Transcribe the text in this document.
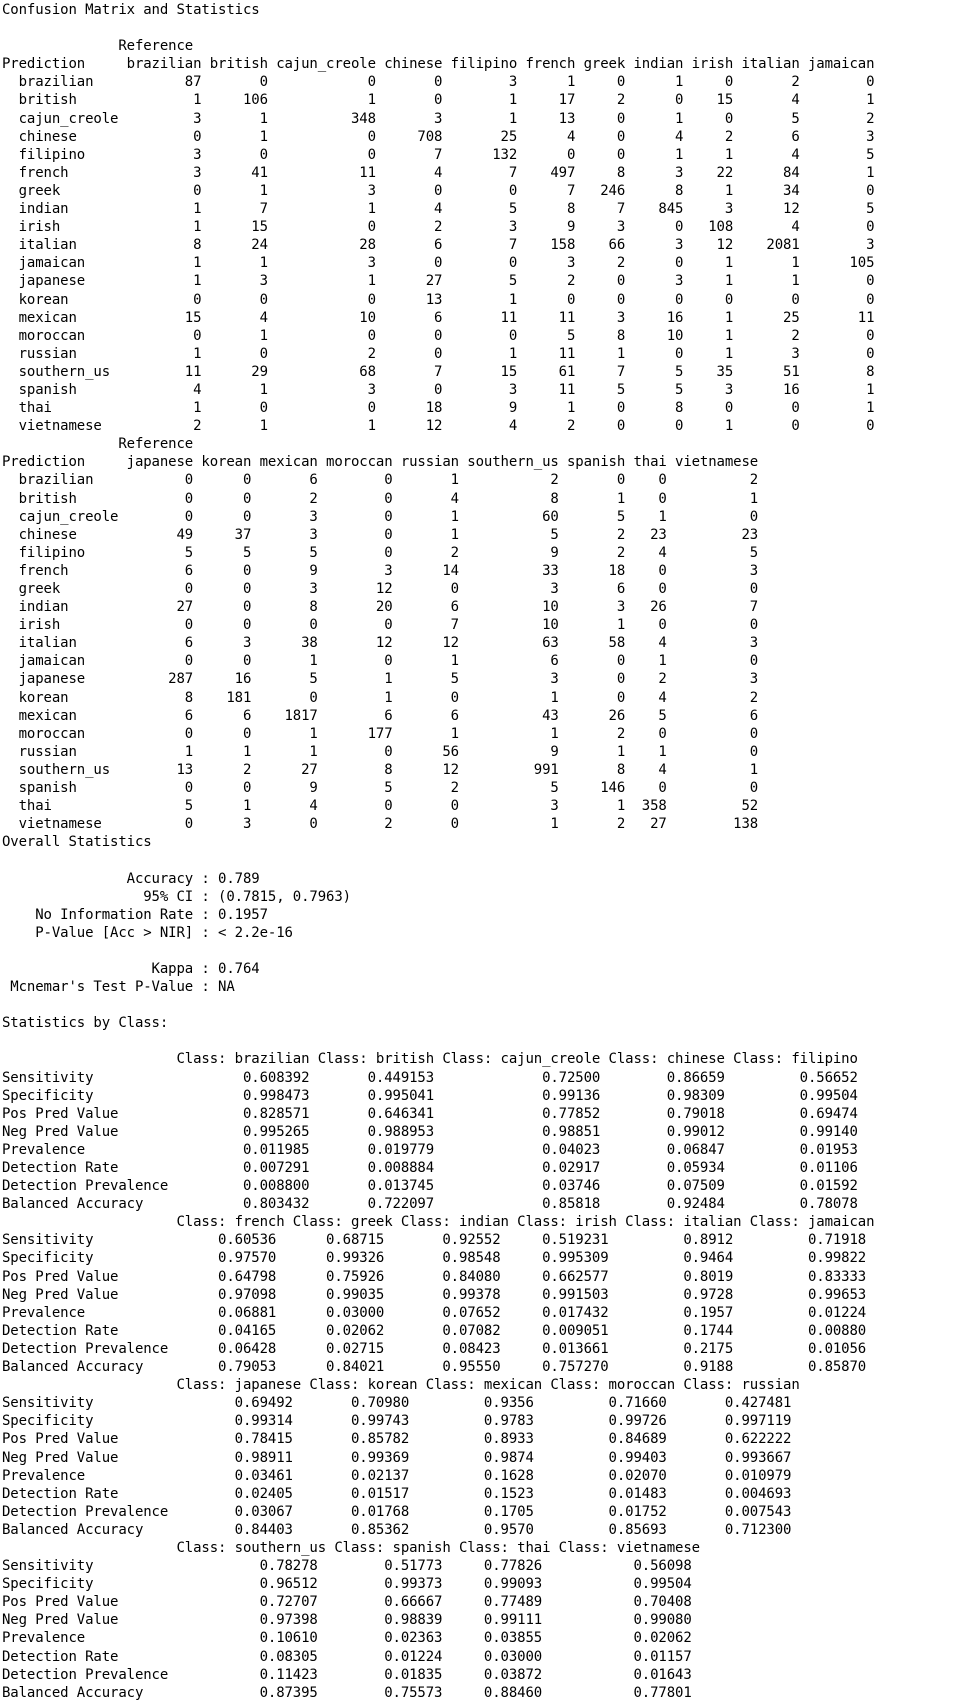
Confusion Matrix and Statistics
Reference
Prediction     brazilian british cajun_creole chinese filipino french greek indian irish italian jamaican
brazilian           87       0            0       0        3      1     0      1     0       2        0
british              1     106            1       0        1     17     2      0    15       4        1
cajun_creole         3       1          348       3        1     13     0      1     0       5        2
chinese              0       1            0     708       25      4     0      4     2       6        3
filipino             3       0            0       7      132      0     0      1     1       4        5
french               3      41           11       4        7    497     8      3    22      84        1
greek                0       1            3       0        0      7   246      8     1      34        0
indian               1       7            1       4        5      8     7    845     3      12        5
irish                1      15            0       2        3      9     3      0   108       4        0
italian              8      24           28       6        7    158    66      3    12    2081        3
jamaican             1       1            3       0        0      3     2      0     1       1      105
japanese             1       3            1      27        5      2     0      3     1       1        0
korean               0       0            0      13        1      0     0      0     0       0        0
mexican             15       4           10       6       11     11     3     16     1      25       11
moroccan             0       1            0       0        0      5     8     10     1       2        0
russian              1       0            2       0        1     11     1      0     1       3        0
southern_us         11      29           68       7       15     61     7      5    35      51        8
spanish              4       1            3       0        3     11     5      5     3      16        1
thai                 1       0            0      18        9      1     0      8     0       0        1
vietnamese           2       1            1      12        4      2     0      0     1       0        0
Reference
Prediction     japanese korean mexican moroccan russian southern_us spanish thai vietnamese
brazilian           0      0       6        0       1           2       0    0          2
british             0      0       2        0       4           8       1    0          1
cajun_creole        0      0       3        0       1          60       5    1          0
chinese            49     37       3        0       1           5       2   23         23
filipino            5      5       5        0       2           9       2    4          5
french              6      0       9        3      14          33      18    0          3
greek               0      0       3       12       0           3       6    0          0
indian             27      0       8       20       6          10       3   26          7
irish               0      0       0        0       7          10       1    0          0
italian             6      3      38       12      12          63      58    4          3
jamaican            0      0       1        0       1           6       0    1          0
japanese          287     16       5        1       5           3       0    2          3
korean              8    181       0        1       0           1       0    4          2
mexican             6      6    1817        6       6          43      26    5          6
moroccan            0      0       1      177       1           1       2    0          0
russian             1      1       1        0      56           9       1    1          0
southern_us        13      2      27        8      12         991       8    4          1
spanish             0      0       9        5       2           5     146    0          0
thai                5      1       4        0       0           3       1  358         52
vietnamese          0      3       0        2       0           1       2   27        138
Overall Statistics
Accuracy : 0.789
95% CI : (0.7815, 0.7963)
No Information Rate : 0.1957
P-Value [Acc > NIR] : < 2.2e-16
Kappa : 0.764
Mcnemar's Test P-Value : NA
Statistics by Class:
Class: brazilian Class: british Class: cajun_creole Class: chinese Class: filipino
Sensitivity                  0.608392       0.449153             0.72500        0.86659         0.56652
Specificity                  0.998473       0.995041             0.99136        0.98309         0.99504
Pos Pred Value               0.828571       0.646341             0.77852        0.79018         0.69474
Neg Pred Value               0.995265       0.988953             0.98851        0.99012         0.99140
Prevalence                   0.011985       0.019779             0.04023        0.06847         0.01953
Detection Rate               0.007291       0.008884             0.02917        0.05934         0.01106
Detection Prevalence         0.008800       0.013745             0.03746        0.07509         0.01592
Balanced Accuracy            0.803432       0.722097             0.85818        0.92484         0.78078
Class: french Class: greek Class: indian Class: irish Class: italian Class: jamaican
Sensitivity               0.60536      0.68715       0.92552     0.519231         0.8912         0.71918
Specificity               0.97570      0.99326       0.98548     0.995309         0.9464         0.99822
Pos Pred Value            0.64798      0.75926       0.84080     0.662577         0.8019         0.83333
Neg Pred Value            0.97098      0.99035       0.99378     0.991503         0.9728         0.99653
Prevalence                0.06881      0.03000       0.07652     0.017432         0.1957         0.01224
Detection Rate            0.04165      0.02062       0.07082     0.009051         0.1744         0.00880
Detection Prevalence      0.06428      0.02715       0.08423     0.013661         0.2175         0.01056
Balanced Accuracy         0.79053      0.84021       0.95550     0.757270         0.9188         0.85870
Class: japanese Class: korean Class: mexican Class: moroccan Class: russian
Sensitivity                 0.69492       0.70980         0.9356         0.71660       0.427481
Specificity                 0.99314       0.99743         0.9783         0.99726       0.997119
Pos Pred Value              0.78415       0.85782         0.8933         0.84689       0.622222
Neg Pred Value              0.98911       0.99369         0.9874         0.99403       0.993667
Prevalence                  0.03461       0.02137         0.1628         0.02070       0.010979
Detection Rate              0.02405       0.01517         0.1523         0.01483       0.004693
Detection Prevalence        0.03067       0.01768         0.1705         0.01752       0.007543
Balanced Accuracy           0.84403       0.85362         0.9570         0.85693       0.712300
Class: southern_us Class: spanish Class: thai Class: vietnamese
Sensitivity                    0.78278        0.51773     0.77826           0.56098
Specificity                    0.96512        0.99373     0.99093           0.99504
Pos Pred Value                 0.72707        0.66667     0.77489           0.70408
Neg Pred Value                 0.97398        0.98839     0.99111           0.99080
Prevalence                     0.10610        0.02363     0.03855           0.02062
Detection Rate                 0.08305        0.01224     0.03000           0.01157
Detection Prevalence           0.11423        0.01835     0.03872           0.01643
Balanced Accuracy              0.87395        0.75573     0.88460           0.77801
